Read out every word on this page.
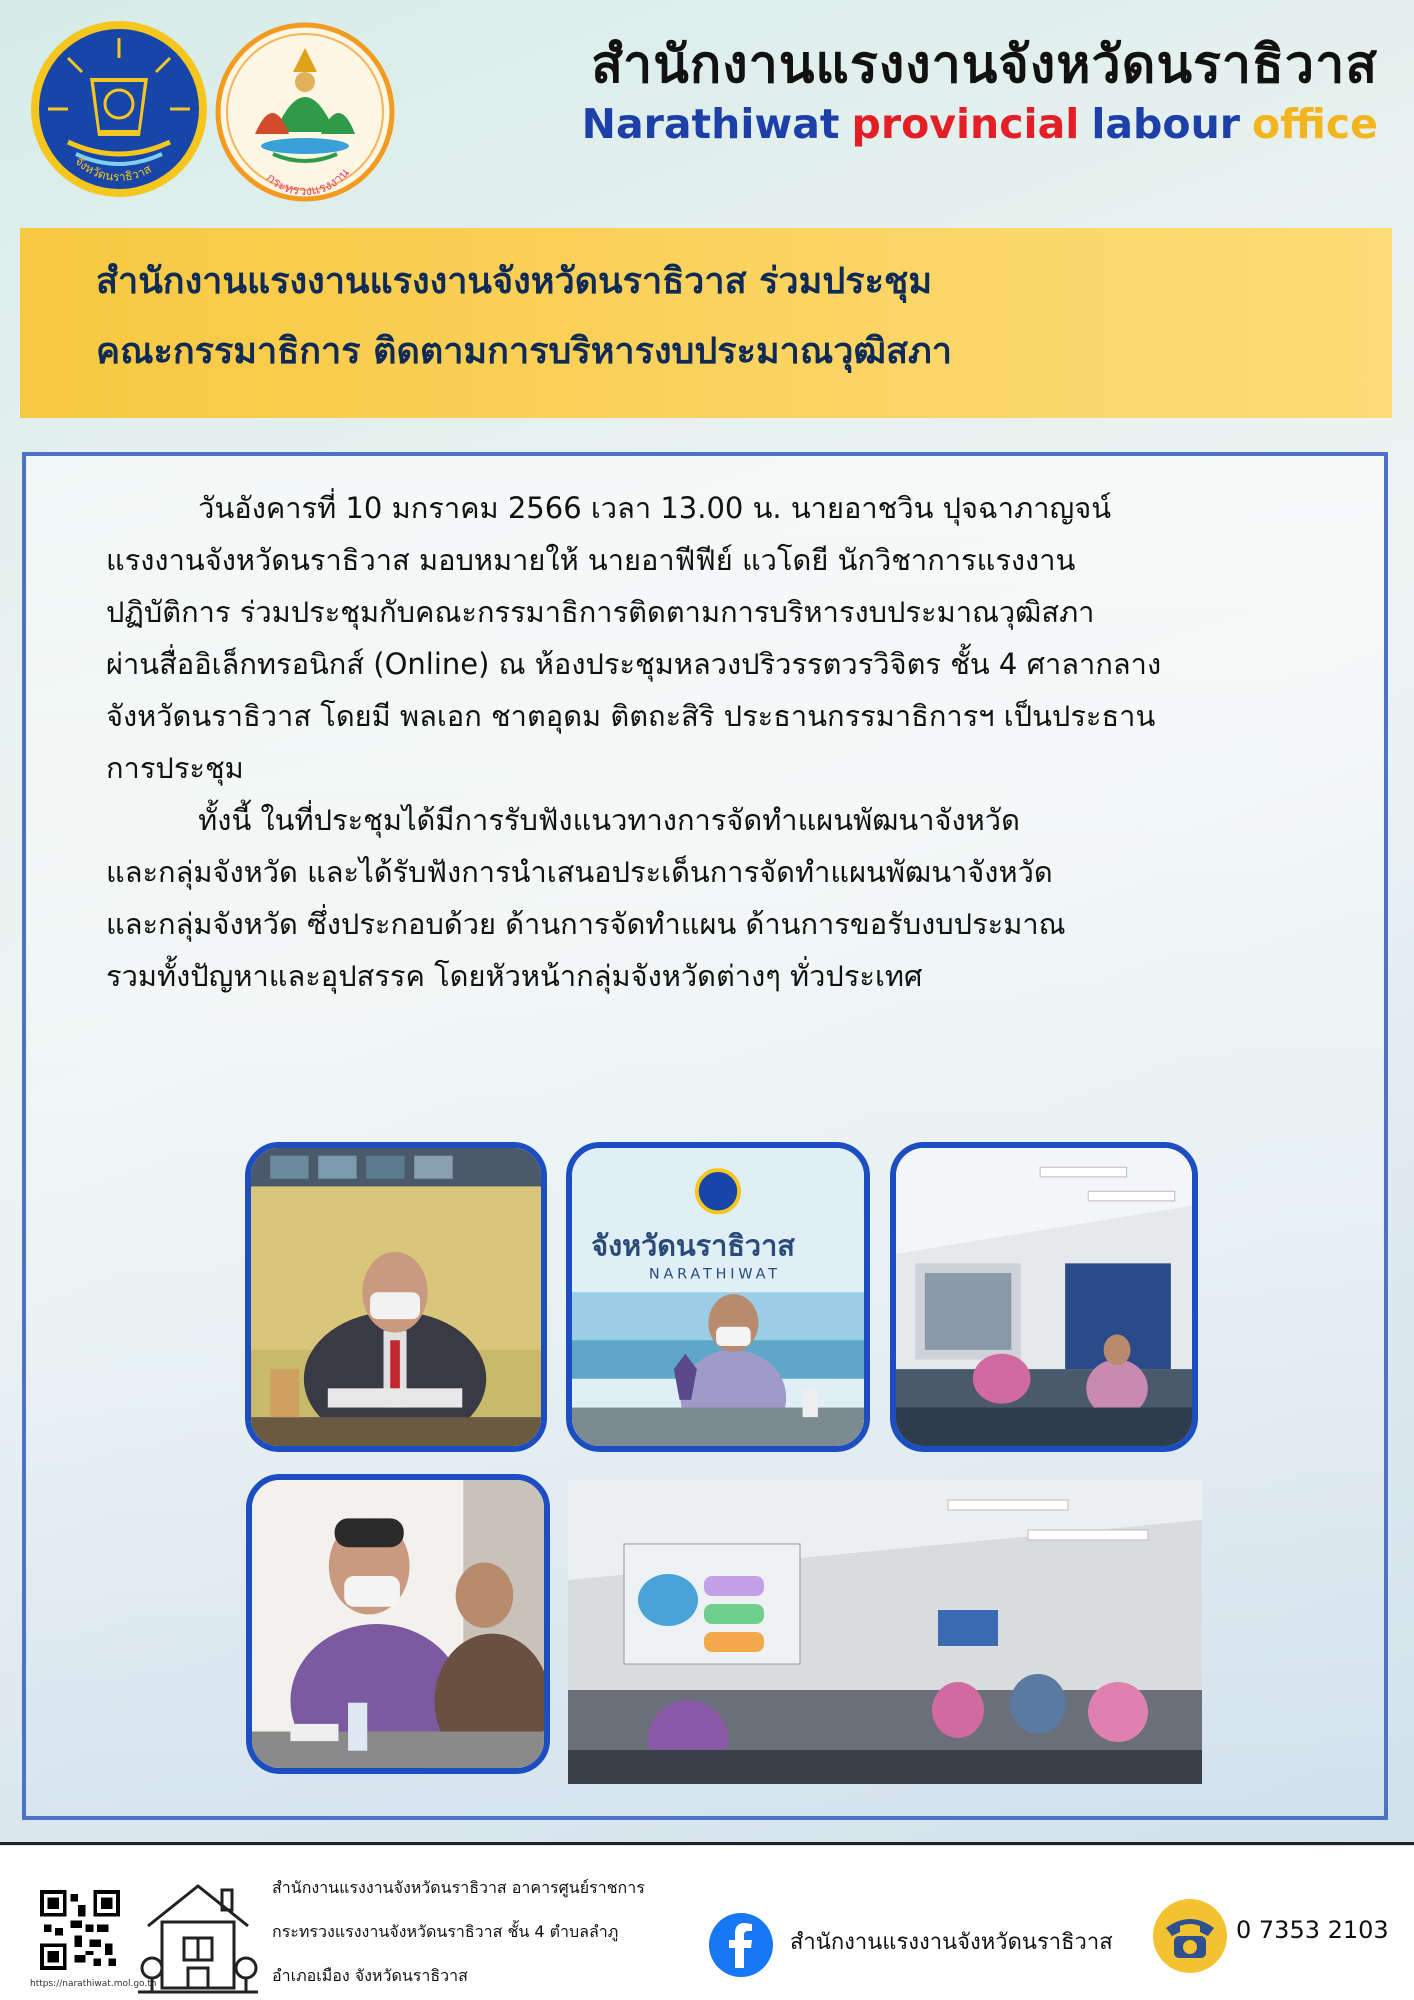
จังหวัดนราธิวาส
กระทรวงแรงงาน
สำนักงานแรงงานจังหวัดนราธิวาส

Narathiwat provincial labour office

สำนักงานแรงงานแรงงานจังหวัดนราธิวาส ร่วมประชุม

คณะกรรมาธิการ ติดตามการบริหารงบประมาณวุฒิสภา

วันอังคารที่ 10 มกราคม 2566 เวลา 13.00 น. นายอาชวิน ปุจฉาภาญจน์
แรงงานจังหวัดนราธิวาส มอบหมายให้ นายอาฟีฟีย์ แวโดยี นักวิชาการแรงงาน
ปฏิบัติการ ร่วมประชุมกับคณะกรรมาธิการติดตามการบริหารงบประมาณวุฒิสภา
ผ่านสื่ออิเล็กทรอนิกส์ (Online) ณ ห้องประชุมหลวงปริวรรตวรวิจิตร ชั้น 4 ศาลากลาง
จังหวัดนราธิวาส โดยมี พลเอก ชาตอุดม ติตถะสิริ ประธานกรรมาธิการฯ เป็นประธาน
การประชุม
ทั้งนี้ ในที่ประชุมได้มีการรับฟังแนวทางการจัดทำแผนพัฒนาจังหวัด
และกลุ่มจังหวัด และได้รับฟังการนำเสนอประเด็นการจัดทำแผนพัฒนาจังหวัด
และกลุ่มจังหวัด ซึ่งประกอบด้วย ด้านการจัดทำแผน ด้านการขอรับงบประมาณ
รวมทั้งปัญหาและอุปสรรค โดยหัวหน้ากลุ่มจังหวัดต่างๆ ทั่วประเทศ
จังหวัดนราธิวาส
NARATHIWAT

https://narathiwat.mol.go.th

สำนักงานแรงงานจังหวัดนราธิวาส อาคารศูนย์ราชการ

กระทรวงแรงงานจังหวัดนราธิวาส ชั้น 4 ตำบลลำภู

อำเภอเมือง จังหวัดนราธิวาส

สำนักงานแรงงานจังหวัดนราธิวาส	0 7353 2103
